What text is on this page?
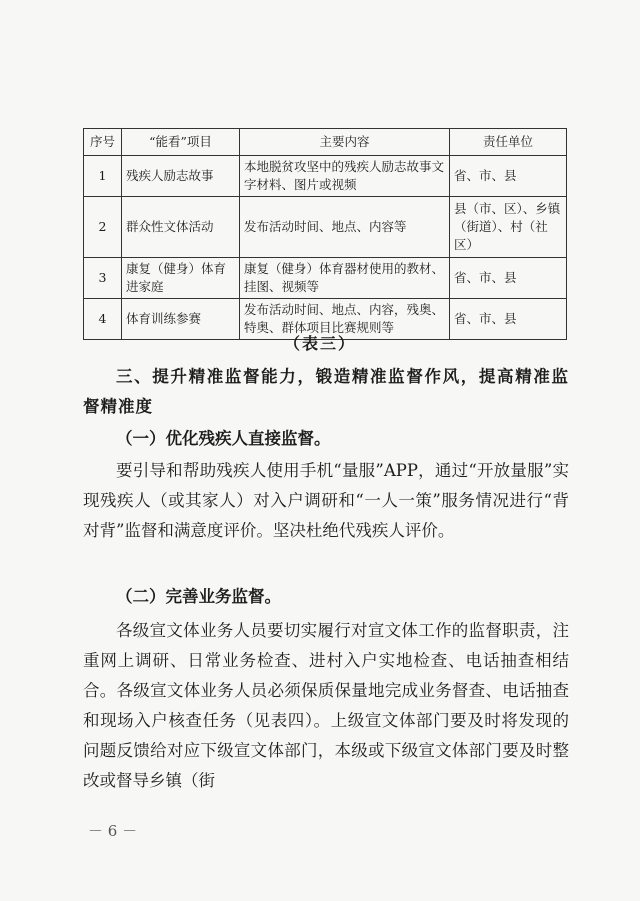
序号	“能看”项目	主要内容	责任单位
1	残疾人励志故事	本地脱贫攻坚中的残疾人励志故事文字材料、图片或视频	省、市、县
2	群众性文体活动	发布活动时间、地点、内容等	县（市、区）、乡镇（街道）、村（社区）
3	康复（健身）体育进家庭	康复（健身）体育器材使用的教材、挂图、视频等	省、市、县
4	体育训练参赛	发布活动时间、地点、内容，残奥、特奥、群体项目比赛规则等	省、市、县
（表三）

三、提升精准监督能力，锻造精准监督作风，提高精准监督精准度

（一）优化残疾人直接监督。

要引导和帮助残疾人使用手机“量服”APP，通过“开放量服”实现残疾人（或其家人）对入户调研和“一人一策”服务情况进行“背对背”监督和满意度评价。坚决杜绝代残疾人评价。

（二）完善业务监督。

各级宣文体业务人员要切实履行对宣文体工作的监督职责，注重网上调研、日常业务检查、进村入户实地检查、电话抽查相结合。各级宣文体业务人员必须保质保量地完成业务督查、电话抽查和现场入户核查任务（见表四）。上级宣文体部门要及时将发现的问题反馈给对应下级宣文体部门，本级或下级宣文体部门要及时整改或督导乡镇（街

－ 6 －
